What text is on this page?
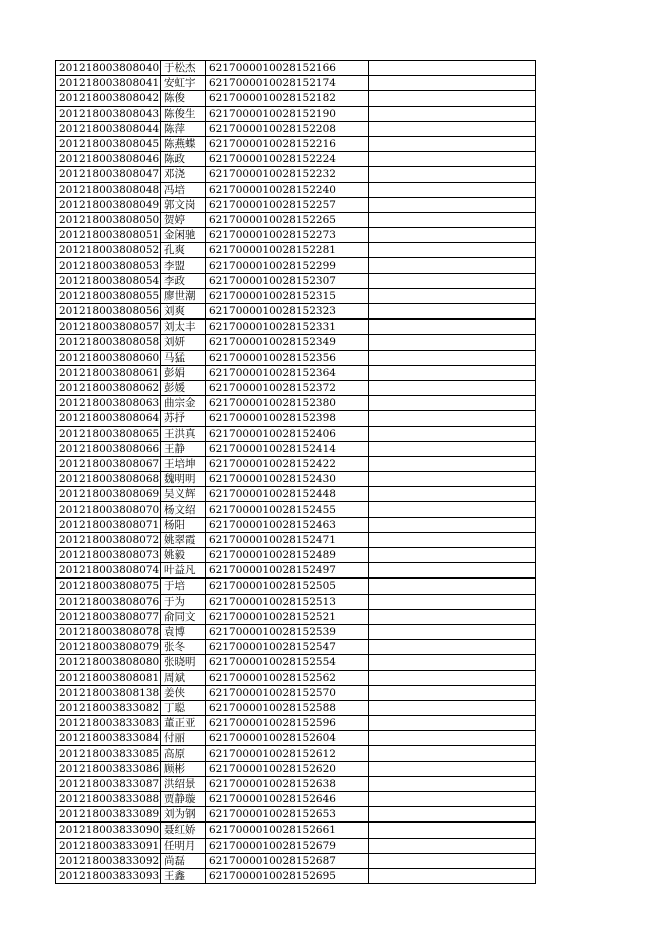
201218003808040	于松杰	6217000010028152166	
201218003808041	安虹宇	6217000010028152174	
201218003808042	陈俊	6217000010028152182	
201218003808043	陈俊生	6217000010028152190	
201218003808044	陈萍	6217000010028152208	
201218003808045	陈燕蝶	6217000010028152216	
201218003808046	陈政	6217000010028152224	
201218003808047	邓浇	6217000010028152232	
201218003808048	冯培	6217000010028152240	
201218003808049	郭文岗	6217000010028152257	
201218003808050	贺婷	6217000010028152265	
201218003808051	金闲驰	6217000010028152273	
201218003808052	孔爽	6217000010028152281	
201218003808053	李盟	6217000010028152299	
201218003808054	李政	6217000010028152307	
201218003808055	廖世潮	6217000010028152315	
201218003808056	刘爽	6217000010028152323	
201218003808057	刘太丰	6217000010028152331	
201218003808058	刘妍	6217000010028152349	
201218003808060	马猛	6217000010028152356	
201218003808061	彭娟	6217000010028152364	
201218003808062	彭媛	6217000010028152372	
201218003808063	曲宗金	6217000010028152380	
201218003808064	苏抒	6217000010028152398	
201218003808065	王洪真	6217000010028152406	
201218003808066	王静	6217000010028152414	
201218003808067	王培坤	6217000010028152422	
201218003808068	魏明明	6217000010028152430	
201218003808069	吴义辉	6217000010028152448	
201218003808070	杨文绍	6217000010028152455	
201218003808071	杨阳	6217000010028152463	
201218003808072	姚翠霞	6217000010028152471	
201218003808073	姚毅	6217000010028152489	
201218003808074	叶益凡	6217000010028152497	
201218003808075	于培	6217000010028152505	
201218003808076	于为	6217000010028152513	
201218003808077	俞同文	6217000010028152521	
201218003808078	袁博	6217000010028152539	
201218003808079	张冬	6217000010028152547	
201218003808080	张晓明	6217000010028152554	
201218003808081	周斌	6217000010028152562	
201218003808138	姜侠	6217000010028152570	
201218003833082	丁聪	6217000010028152588	
201218003833083	董正亚	6217000010028152596	
201218003833084	付丽	6217000010028152604	
201218003833085	高原	6217000010028152612	
201218003833086	顾彬	6217000010028152620	
201218003833087	洪绍景	6217000010028152638	
201218003833088	贾静璇	6217000010028152646	
201218003833089	刘为钢	6217000010028152653	
201218003833090	聂红娇	6217000010028152661	
201218003833091	任明月	6217000010028152679	
201218003833092	尚磊	6217000010028152687	
201218003833093	王鑫	6217000010028152695	
